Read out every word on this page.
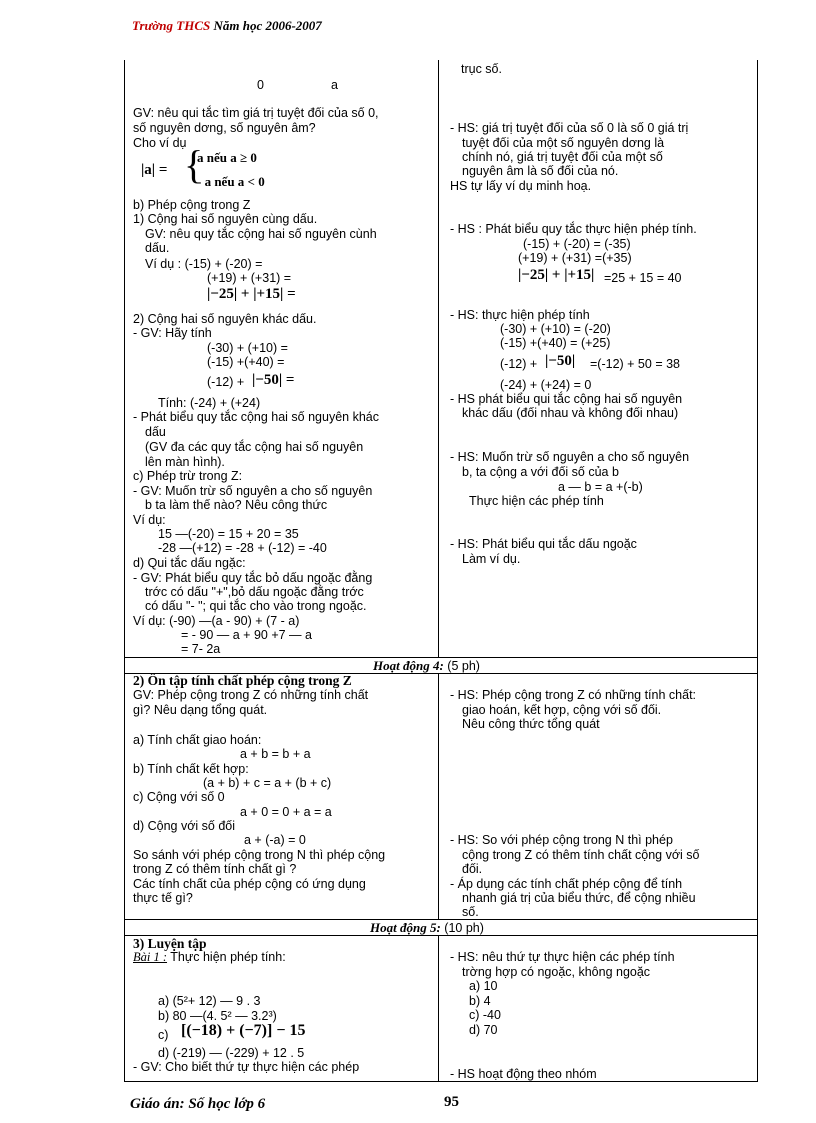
Trường THCS Năm học 2006-2007
0	a
GV: nêu qui tắc tìm giá trị tuyệt đối của số 0,
số nguyên dơng, số nguyên âm?
Cho ví dụ
|a| = {
a nếu a ≥ 0
- a nếu a < 0
b) Phép cộng trong Z
1) Cộng hai số nguyên cùng dấu.
GV: nêu quy tắc cộng hai số nguyên cùnh
dấu.
Ví dụ : (-15) + (-20) =
(+19) + (+31) =
|−25| + |+15| =
2) Cộng hai số nguyên khác dấu.
- GV: Hãy tính
(-30) + (+10) =
(-15) +(+40) =
(-12) + |−50| =
Tính: (-24) + (+24)
- Phát biểu quy tắc cộng hai số nguyên khác
dấu
(GV đa các quy tắc cộng hai số nguyên
lên màn hình).
c) Phép trừ trong Z:
- GV: Muốn trừ số nguyên a cho số nguyên
b ta làm thế nào? Nêu công thức
Ví dụ:
15 —(-20) = 15 + 20 = 35
-28 —(+12) = -28 + (-12) = -40
d) Qui tắc dấu ngặc:
- GV: Phát biểu quy tắc bỏ dấu ngoặc đằng
trớc có dấu "+",bỏ dấu ngoặc đằng trớc
có dấu "- "; qui tắc cho vào trong ngoặc.
Ví dụ: (-90) —(a - 90) + (7 - a)
= - 90 — a + 90 +7 — a
= 7- 2a
trục số.
- HS: giá trị tuyệt đối của số 0 là số 0 giá trị
tuyệt đối của một số nguyên dơng là
chính nó, giá trị tuyệt đối của một số
nguyên âm là số đối của nó.
HS tự lấy ví dụ minh hoạ.
- HS : Phát biểu quy tắc thực hiện phép tính.
(-15) + (-20) = (-35)
(+19) + (+31) =(+35)
|−25| + |+15| =25 + 15 = 40
- HS: thực hiện phép tính
(-30) + (+10) = (-20)
(-15) +(+40) = (+25)
(-12) + |−50| =(-12) + 50 = 38
(-24) + (+24) = 0
- HS phát biểu qui tắc cộng hai số nguyên
khác dấu (đối nhau và không đối nhau)
- HS: Muốn trừ số nguyên a cho số nguyên
b, ta cộng a với đối số của b
a — b = a +(-b)
Thực hiện các phép tính
- HS: Phát biểu qui tắc dấu ngoặc
Làm ví dụ.
Hoạt động 4: (5 ph)
2) Ôn tập tính chất phép cộng trong Z
GV: Phép cộng trong Z có những tính chất
gì? Nêu dạng tổng quát.
a) Tính chất giao hoán:
a + b = b + a
b) Tính chất kết hợp:
(a + b) + c = a + (b + c)
c) Cộng với số 0
a + 0 = 0 + a = a
d) Cộng với số đối
a + (-a) = 0
So sánh với phép cộng trong N thì phép cộng
trong Z có thêm tính chất gì ?
Các tính chất của phép cộng có ứng dụng
thực tế gì?
- HS: Phép cộng trong Z có những tính chất:
giao hoán, kết hợp, cộng với số đối.
Nêu công thức tổng quát
- HS: So với phép cộng trong N thì phép
cộng trong Z có thêm tính chất cộng với số
đối.
- Áp dụng các tính chất phép cộng để tính
nhanh giá trị của biểu thức, để cộng nhiều
số.
Hoạt động 5: (10 ph)
3) Luyện tập
Bài 1 : Thực hiện phép tính:
a) (5²+ 12) — 9 . 3
b) 80 —(4. 5² — 3.2³)
c) [(−18) + (−7)] − 15
d) (-219) — (-229) + 12 . 5
- GV: Cho biết thứ tự thực hiện các phép
- HS: nêu thứ tự thực hiện các phép tính
trờng hợp có ngoặc, không ngoặc
a) 10
b) 4
c) -40
d) 70
- HS hoạt động theo nhóm
Giáo án: Số học lớp 6	95
